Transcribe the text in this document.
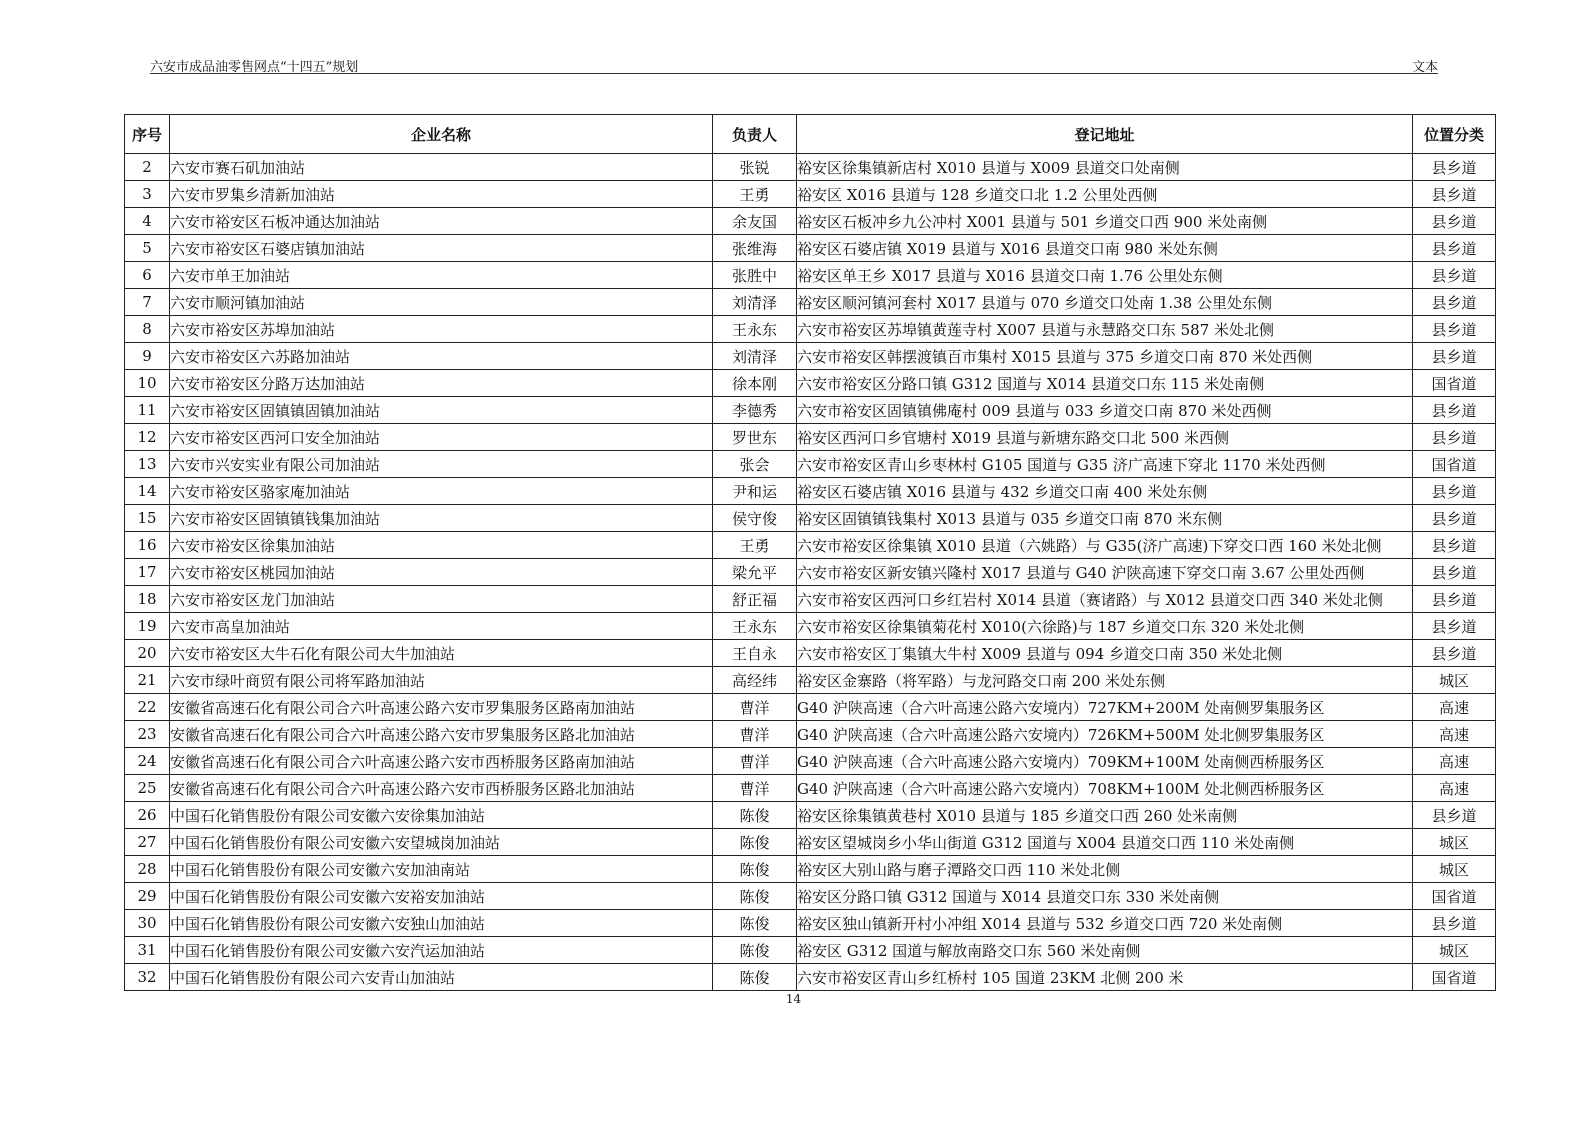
六安市成品油零售网点“十四五”规划	文本
序号	企业名称	负责人	登记地址	位置分类
2	六安市赛石矶加油站	张锐	裕安区徐集镇新店村 X010 县道与 X009 县道交口处南侧	县乡道
3	六安市罗集乡清新加油站	王勇	裕安区 X016 县道与 128 乡道交口北 1.2 公里处西侧	县乡道
4	六安市裕安区石板冲通达加油站	余友国	裕安区石板冲乡九公冲村 X001 县道与 501 乡道交口西 900 米处南侧	县乡道
5	六安市裕安区石婆店镇加油站	张维海	裕安区石婆店镇 X019 县道与 X016 县道交口南 980 米处东侧	县乡道
6	六安市单王加油站	张胜中	裕安区单王乡 X017 县道与 X016 县道交口南 1.76 公里处东侧	县乡道
7	六安市顺河镇加油站	刘清泽	裕安区顺河镇河套村 X017 县道与 070 乡道交口处南 1.38 公里处东侧	县乡道
8	六安市裕安区苏埠加油站	王永东	六安市裕安区苏埠镇黄莲寺村 X007 县道与永慧路交口东 587 米处北侧	县乡道
9	六安市裕安区六苏路加油站	刘清泽	六安市裕安区韩摆渡镇百市集村 X015 县道与 375 乡道交口南 870 米处西侧	县乡道
10	六安市裕安区分路万达加油站	徐本刚	六安市裕安区分路口镇 G312 国道与 X014 县道交口东 115 米处南侧	国省道
11	六安市裕安区固镇镇固镇加油站	李德秀	六安市裕安区固镇镇佛庵村 009 县道与 033 乡道交口南 870 米处西侧	县乡道
12	六安市裕安区西河口安全加油站	罗世东	裕安区西河口乡官塘村 X019 县道与新塘东路交口北 500 米西侧	县乡道
13	六安市兴安实业有限公司加油站	张会	六安市裕安区青山乡枣林村 G105 国道与 G35 济广高速下穿北 1170 米处西侧	国省道
14	六安市裕安区骆家庵加油站	尹和运	裕安区石婆店镇 X016 县道与 432 乡道交口南 400 米处东侧	县乡道
15	六安市裕安区固镇镇钱集加油站	侯守俊	裕安区固镇镇钱集村 X013 县道与 035 乡道交口南 870 米东侧	县乡道
16	六安市裕安区徐集加油站	王勇	六安市裕安区徐集镇 X010 县道（六姚路）与 G35(济广高速)下穿交口西 160 米处北侧	县乡道
17	六安市裕安区桃园加油站	梁允平	六安市裕安区新安镇兴隆村 X017 县道与 G40 沪陕高速下穿交口南 3.67 公里处西侧	县乡道
18	六安市裕安区龙门加油站	舒正福	六安市裕安区西河口乡红岩村 X014 县道（赛诸路）与 X012 县道交口西 340 米处北侧	县乡道
19	六安市高皇加油站	王永东	六安市裕安区徐集镇菊花村 X010(六徐路)与 187 乡道交口东 320 米处北侧	县乡道
20	六安市裕安区大牛石化有限公司大牛加油站	王自永	六安市裕安区丁集镇大牛村 X009 县道与 094 乡道交口南 350 米处北侧	县乡道
21	六安市绿叶商贸有限公司将军路加油站	高经纬	裕安区金寨路（将军路）与龙河路交口南 200 米处东侧	城区
22	安徽省高速石化有限公司合六叶高速公路六安市罗集服务区路南加油站	曹洋	G40 沪陕高速（合六叶高速公路六安境内）727KM+200M 处南侧罗集服务区	高速
23	安徽省高速石化有限公司合六叶高速公路六安市罗集服务区路北加油站	曹洋	G40 沪陕高速（合六叶高速公路六安境内）726KM+500M 处北侧罗集服务区	高速
24	安徽省高速石化有限公司合六叶高速公路六安市西桥服务区路南加油站	曹洋	G40 沪陕高速（合六叶高速公路六安境内）709KM+100M 处南侧西桥服务区	高速
25	安徽省高速石化有限公司合六叶高速公路六安市西桥服务区路北加油站	曹洋	G40 沪陕高速（合六叶高速公路六安境内）708KM+100M 处北侧西桥服务区	高速
26	中国石化销售股份有限公司安徽六安徐集加油站	陈俊	裕安区徐集镇黄巷村 X010 县道与 185 乡道交口西 260 处米南侧	县乡道
27	中国石化销售股份有限公司安徽六安望城岗加油站	陈俊	裕安区望城岗乡小华山街道 G312 国道与 X004 县道交口西 110 米处南侧	城区
28	中国石化销售股份有限公司安徽六安加油南站	陈俊	裕安区大别山路与磨子潭路交口西 110 米处北侧	城区
29	中国石化销售股份有限公司安徽六安裕安加油站	陈俊	裕安区分路口镇 G312 国道与 X014 县道交口东 330 米处南侧	国省道
30	中国石化销售股份有限公司安徽六安独山加油站	陈俊	裕安区独山镇新开村小冲组 X014 县道与 532 乡道交口西 720 米处南侧	县乡道
31	中国石化销售股份有限公司安徽六安汽运加油站	陈俊	裕安区 G312 国道与解放南路交口东 560 米处南侧	城区
32	中国石化销售股份有限公司六安青山加油站	陈俊	六安市裕安区青山乡红桥村 105 国道 23KM 北侧 200 米	国省道
14
